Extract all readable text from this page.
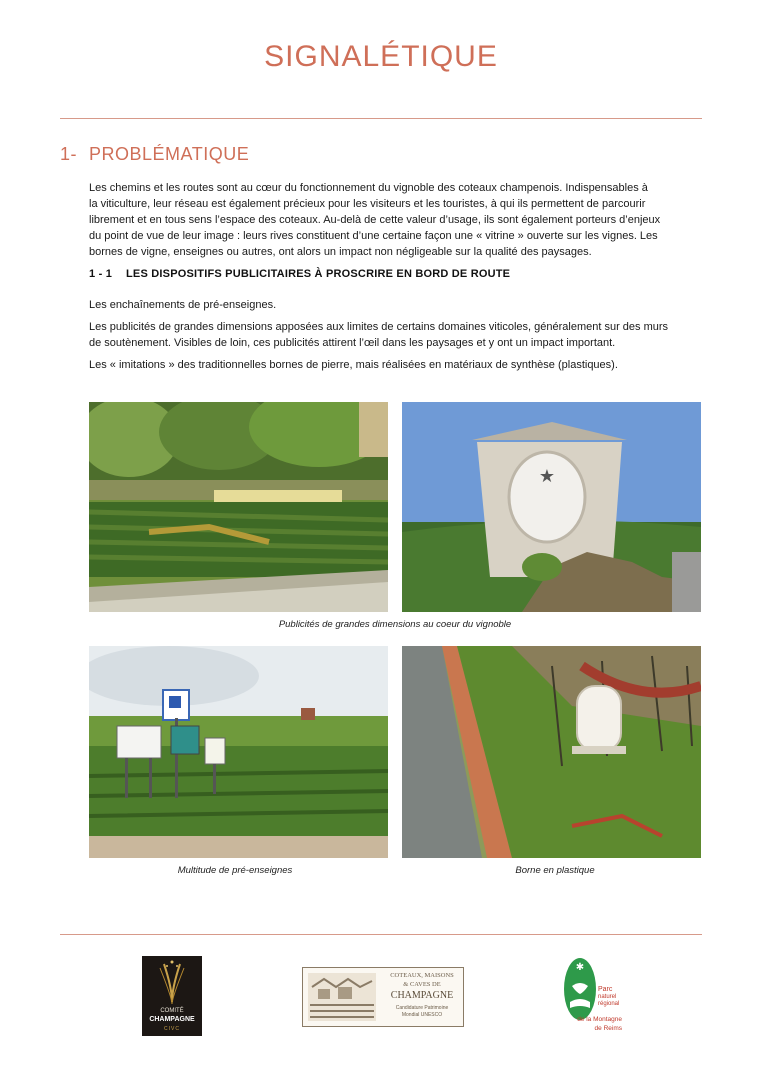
SIGNALÉTIQUE
1- PROBLÉMATIQUE
Les chemins et les routes sont au cœur du fonctionnement du vignoble des coteaux champenois. Indispensables à
la viticulture, leur réseau est également précieux pour les visiteurs et les touristes, à qui ils permettent de parcourir
librement et en tous sens l’espace des coteaux. Au-delà de cette valeur d’usage, ils sont également porteurs d’enjeux
du point de vue de leur image : leurs rives constituent d’une certaine façon une « vitrine » ouverte sur les vignes. Les
bornes de vigne, enseignes ou autres, ont alors un impact non négligeable sur la qualité des paysages.
1 - 1 LES DISPOSITIFS PUBLICITAIRES À PROSCRIRE EN BORD DE ROUTE
Les enchaînements de pré-enseignes.
Les publicités de grandes dimensions apposées aux limites de certains domaines viticoles, généralement sur des murs
de soutènement. Visibles de loin, ces publicités attirent l’œil dans les paysages et y ont un impact important.
Les « imitations » des traditionnelles bornes de pierre, mais réalisées en matériaux de synthèse (plastiques).
★
Publicités de grandes dimensions au coeur du vignoble
Multitude de pré-enseignes	Borne en plastique
COMITÉ
CHAMPAGNE
CIVC
COTEAUX, MAISONS
& CAVES DE
CHAMPAGNE
Candidature Patrimoine
Mondial UNESCO
✱
Parc
naturel
régional
de la Montagne
de Reims
